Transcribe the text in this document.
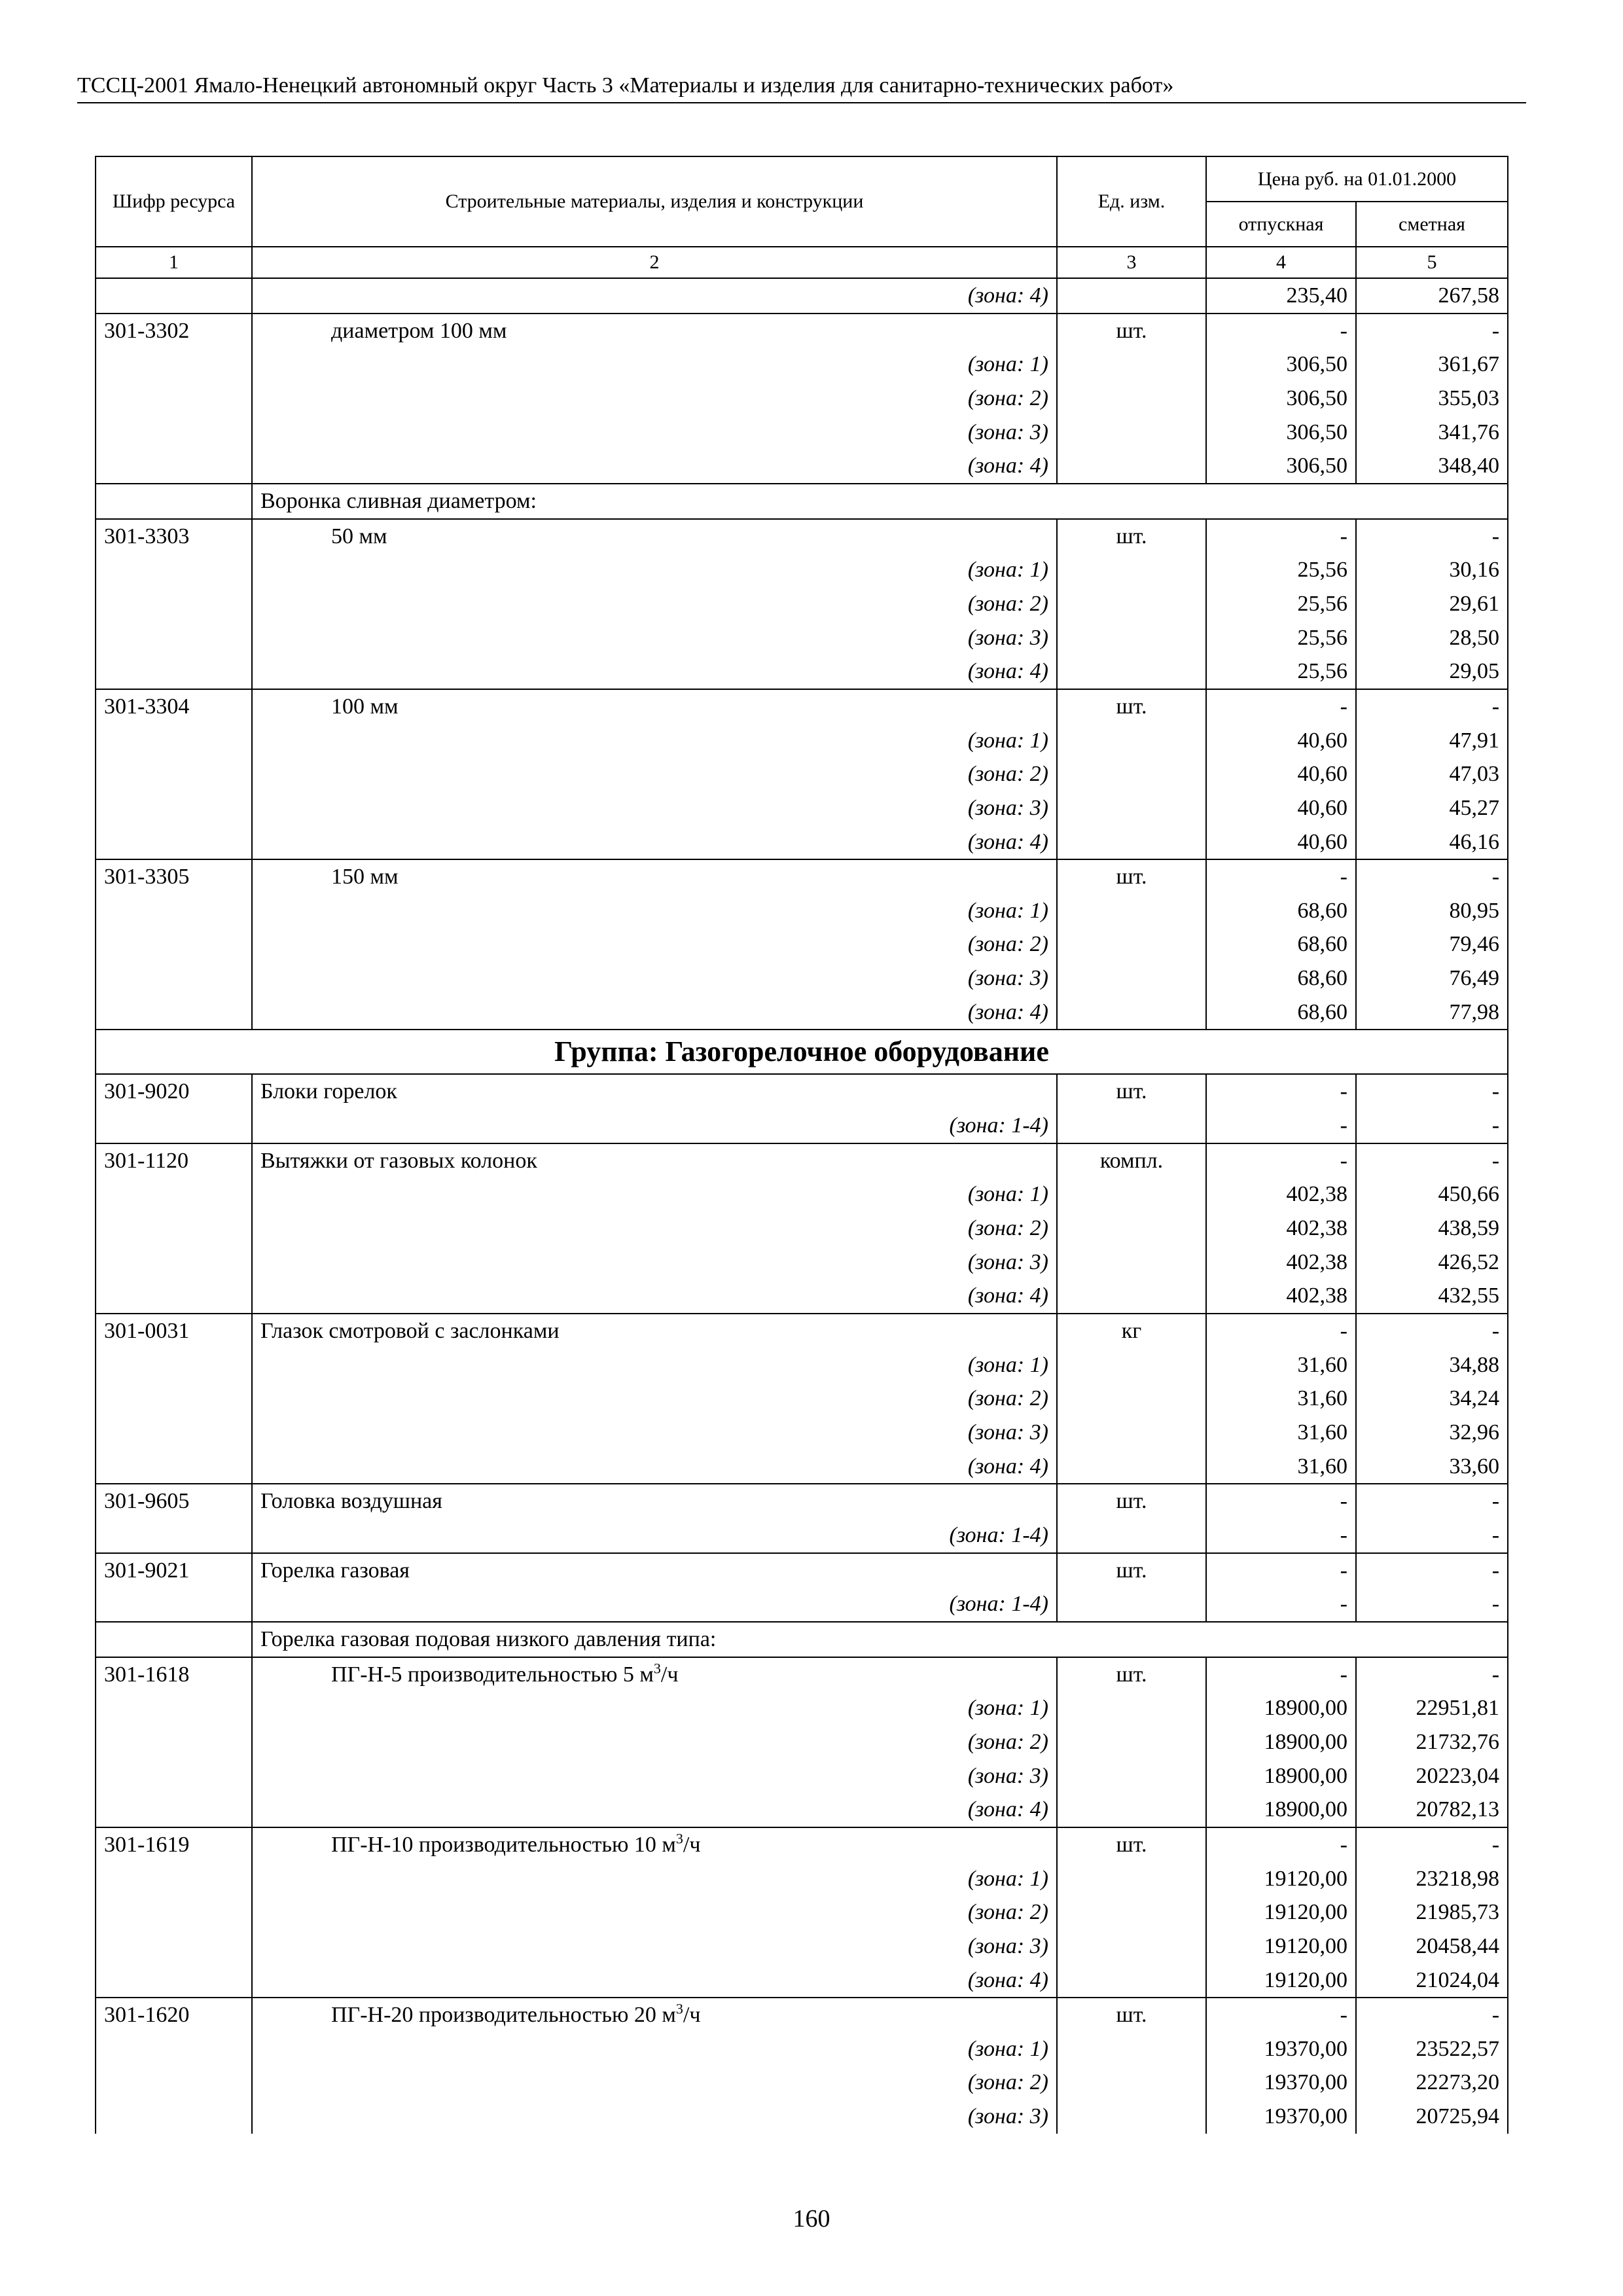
ТССЦ-2001 Ямало-Ненецкий автономный округ Часть 3 «Материалы и изделия для санитарно-технических работ»
Шифр ресурса	Строительные материалы, изделия и конструкции	Ед. изм.	Цена руб. на 01.01.2000	
			отпускная	сметная
1	2	3	4	5
	(зона: 4)		235,40	267,58
301-3302	диаметром 100 мм	шт.	-	-
	(зона: 1)		306,50	361,67
	(зона: 2)		306,50	355,03
	(зона: 3)		306,50	341,76
	(зона: 4)		306,50	348,40
	Воронка сливная диаметром:			
301-3303	50 мм	шт.	-	-
	(зона: 1)		25,56	30,16
	(зона: 2)		25,56	29,61
	(зона: 3)		25,56	28,50
	(зона: 4)		25,56	29,05
301-3304	100 мм	шт.	-	-
	(зона: 1)		40,60	47,91
	(зона: 2)		40,60	47,03
	(зона: 3)		40,60	45,27
	(зона: 4)		40,60	46,16
301-3305	150 мм	шт.	-	-
	(зона: 1)		68,60	80,95
	(зона: 2)		68,60	79,46
	(зона: 3)		68,60	76,49
	(зона: 4)		68,60	77,98
Группа: Газогорелочное оборудование				
301-9020	Блоки горелок	шт.	-	-
	(зона: 1-4)		-	-
301-1120	Вытяжки от газовых колонок	компл.	-	-
	(зона: 1)		402,38	450,66
	(зона: 2)		402,38	438,59
	(зона: 3)		402,38	426,52
	(зона: 4)		402,38	432,55
301-0031	Глазок смотровой с заслонками	кг	-	-
	(зона: 1)		31,60	34,88
	(зона: 2)		31,60	34,24
	(зона: 3)		31,60	32,96
	(зона: 4)		31,60	33,60
301-9605	Головка воздушная	шт.	-	-
	(зона: 1-4)		-	-
301-9021	Горелка газовая	шт.	-	-
	(зона: 1-4)		-	-
	Горелка газовая подовая низкого давления типа:			
301-1618	ПГ-Н-5 производительностью 5 $м^3/ч$	шт.	-	-
	(зона: 1)		18900,00	22951,81
	(зона: 2)		18900,00	21732,76
	(зона: 3)		18900,00	20223,04
	(зона: 4)		18900,00	20782,13
301-1619	ПГ-Н-10 производительностью 10 $м^3/ч$	шт.	-	-
	(зона: 1)		19120,00	23218,98
	(зона: 2)		19120,00	21985,73
	(зона: 3)		19120,00	20458,44
	(зона: 4)		19120,00	21024,04
301-1620	ПГ-Н-20 производительностью 20 $м^3/ч$	шт.	-	-
	(зона: 1)		19370,00	23522,57
	(зона: 2)		19370,00	22273,20
	(зона: 3)		19370,00	20725,94
160
